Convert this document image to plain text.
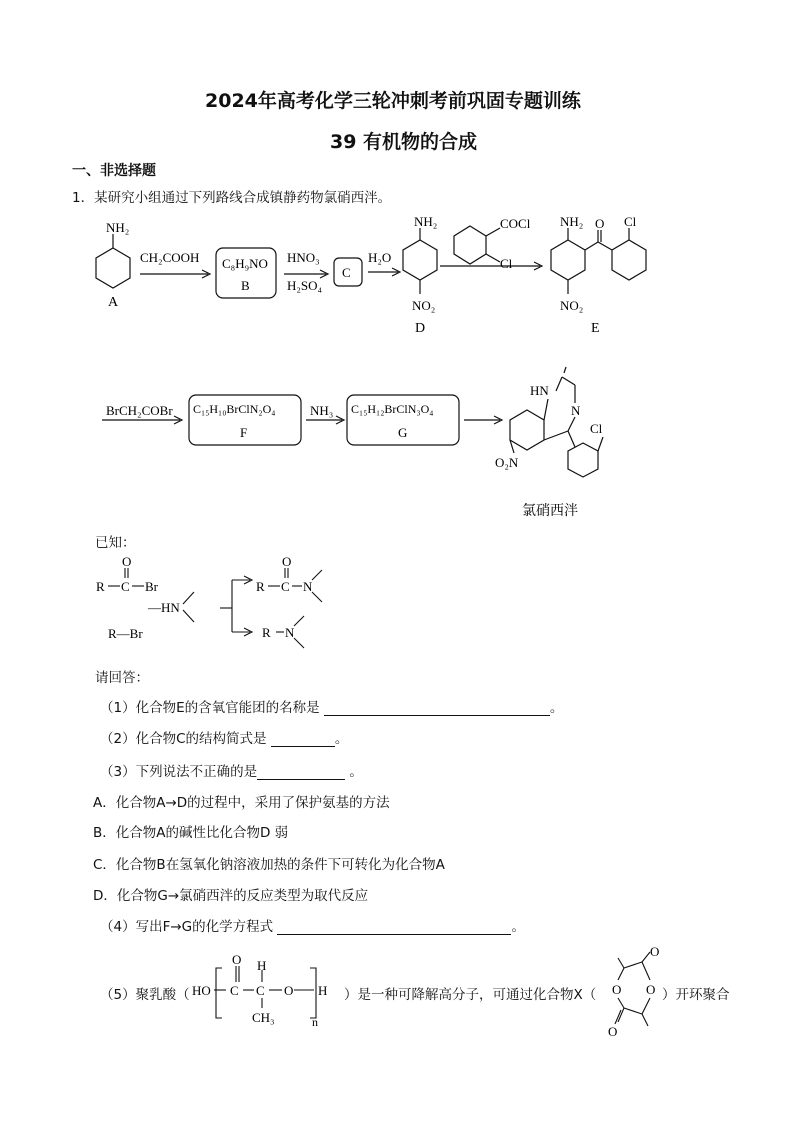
2024年高考化学三轮冲刺考前巩固专题训练
39 有机物的合成
一、非选择题
1．某研究小组通过下列路线合成镇静药物氯硝西泮。
NH₂
A
CH₂COOH C₈H₉NO
B
HNO₃
H₂SO₄
C
H₂O
NH₂
NO₂
D
COCl
Cl
NH₂ O Cl
NO₂
E
BrCH₂COBr C₁₅H₁₀BrClN₂O₄
F
NH₃ C₁₅H₁₂BrClN₃O₄
G
HN
N
Cl
O₂N
氯硝西泮
已知：
R C
O
Br
R—Br
—HN
R C
O
N
R N
请回答：
（1）化合物E的含氧官能团的名称是	。
（2）化合物C的结构简式是	。
（3）下列说法不正确的是	。
A．化合物A→D的过程中，采用了保护氨基的方法
B．化合物A的碱性比化合物D 弱
C．化合物B在氢氧化钠溶液加热的条件下可转化为化合物A
D．化合物G→氯硝西泮的反应类型为取代反应
（4）写出F→G的化学方程式	。
（5）聚乳酸（ HO
O
C
H
C
CH₃
O H
n
）是一种可降解高分子，可通过化合物X（
O
O O
O
）开环聚合
